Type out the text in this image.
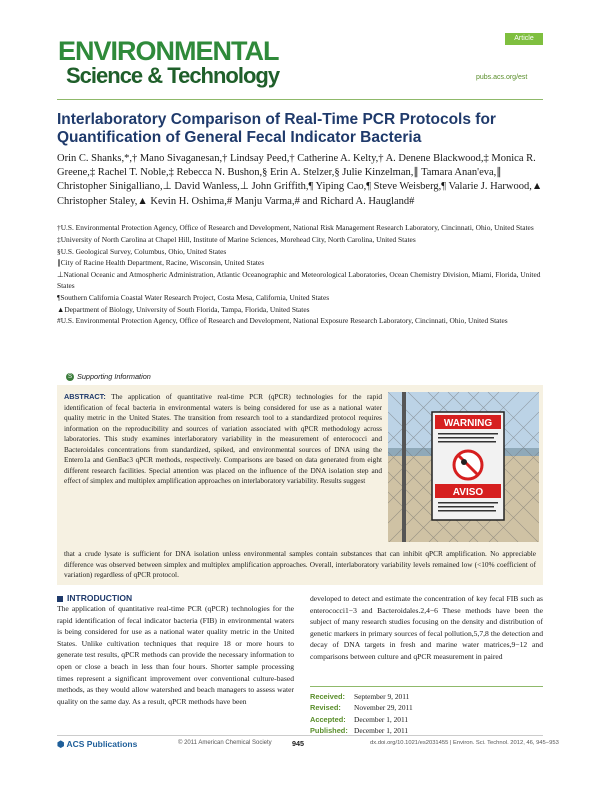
ENVIRONMENTAL
Science & Technology
Article
pubs.acs.org/est
Interlaboratory Comparison of Real-Time PCR Protocols for Quantification of General Fecal Indicator Bacteria
Orin C. Shanks,*,† Mano Sivaganesan,† Lindsay Peed,† Catherine A. Kelty,† A. Denene Blackwood,‡ Monica R. Greene,‡ Rachel T. Noble,‡ Rebecca N. Bushon,§ Erin A. Stelzer,§ Julie Kinzelman,∥ Tamara Anan'eva,∥ Christopher Sinigalliano,⊥ David Wanless,⊥ John Griffith,¶ Yiping Cao,¶ Steve Weisberg,¶ Valarie J. Harwood,▲ Christopher Staley,▲ Kevin H. Oshima,# Manju Varma,# and Richard A. Haugland#
†U.S. Environmental Protection Agency, Office of Research and Development, National Risk Management Research Laboratory, Cincinnati, Ohio, United States
‡University of North Carolina at Chapel Hill, Institute of Marine Sciences, Morehead City, North Carolina, United States
§U.S. Geological Survey, Columbus, Ohio, United States
∥City of Racine Health Department, Racine, Wisconsin, United States
⊥National Oceanic and Atmospheric Administration, Atlantic Oceanographic and Meteorological Laboratories, Ocean Chemistry Division, Miami, Florida, United States
¶Southern California Coastal Water Research Project, Costa Mesa, California, United States
▲Department of Biology, University of South Florida, Tampa, Florida, United States
#U.S. Environmental Protection Agency, Office of Research and Development, National Exposure Research Laboratory, Cincinnati, Ohio, United States
S Supporting Information
ABSTRACT: The application of quantitative real-time PCR (qPCR) technologies for the rapid identification of fecal bacteria in environmental waters is being considered for use as a national water quality metric in the United States. The transition from research tool to a standardized protocol requires information on the reproducibility and sources of variation associated with qPCR methodology across laboratories. This study examines interlaboratory variability in the measurement of enterococci and Bacteroidales concentrations from standardized, spiked, and environmental sources of DNA using the Entero1a and GenBac3 qPCR methods, respectively. Comparisons are based on data generated from eight different research facilities. Special attention was placed on the influence of the DNA isolation step and effect of simplex and multiplex amplification approaches on interlaboratory variability. Results suggest
that a crude lysate is sufficient for DNA isolation unless environmental samples contain substances that can inhibit qPCR amplification. No appreciable difference was observed between simplex and multiplex amplification approaches. Overall, interlaboratory variability levels remained low (<10% coefficient of variation) regardless of qPCR protocol.
WARNING
AVISO
INTRODUCTION
The application of quantitative real-time PCR (qPCR) technologies for the rapid identification of fecal indicator bacteria (FIB) in environmental waters is being considered for use as a national water quality metric in the United States. Unlike cultivation techniques that require 18 or more hours to generate test results, qPCR methods can provide the necessary information to open or close a beach in less than four hours. Shorter sample processing times represent a significant improvement over conventional culture-based methods, as they would allow watershed and beach managers to assess water quality on the same day. As a result, qPCR methods have been
developed to detect and estimate the concentration of key fecal FIB such as enterococci1−3 and Bacteroidales.2,4−6 These methods have been the subject of many research studies focusing on the density and distribution of genetic markers in primary sources of fecal pollution,5,7,8 the detection and decay of DNA targets in fresh and marine water matrices,9−12 and comparisons between culture and qPCR measurement in paired
Received: September 9, 2011
Revised: November 29, 2011
Accepted: December 1, 2011
Published: December 1, 2011
⬢ ACS Publications	© 2011 American Chemical Society	945	dx.doi.org/10.1021/es2031455 | Environ. Sci. Technol. 2012, 46, 945−953
